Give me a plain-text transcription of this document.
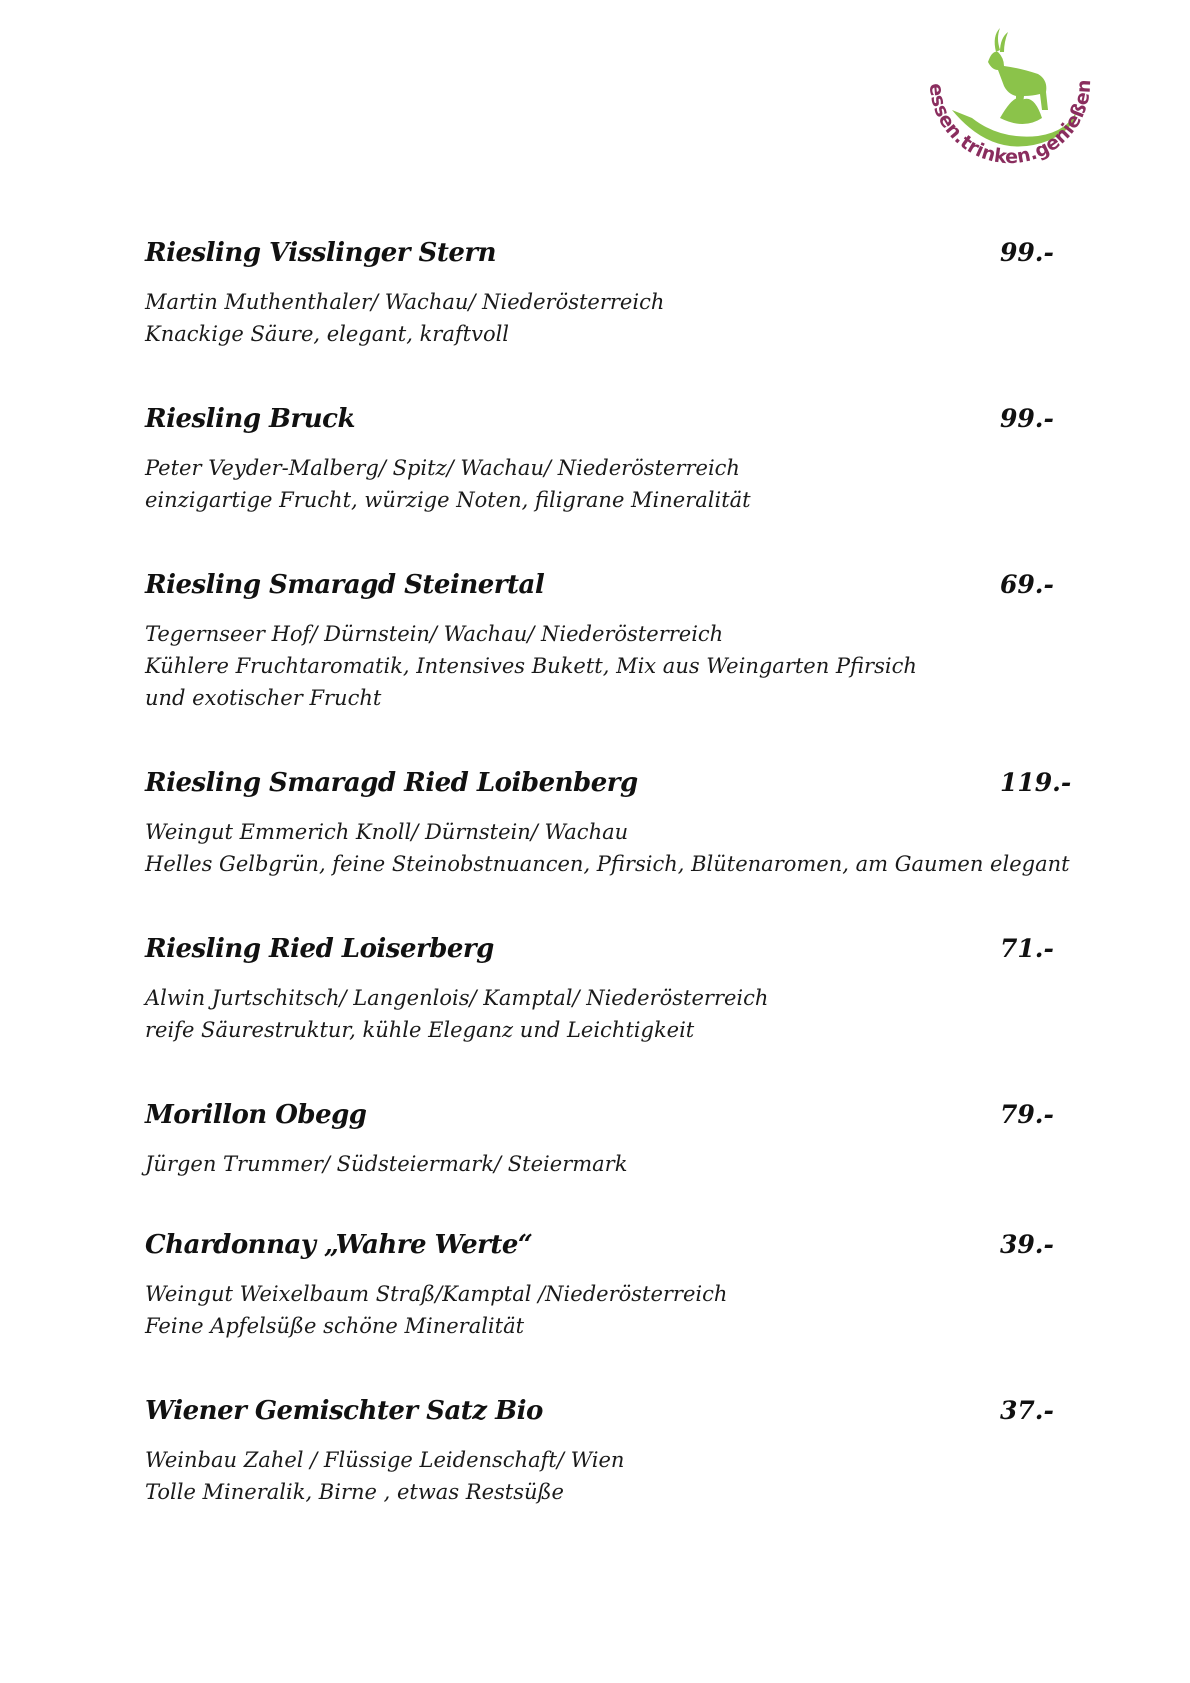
essen.trinken.genießen
Riesling Visslinger Stern	99.-
Martin Muthenthaler/ Wachau/ Niederösterreich
Knackige Säure, elegant, kraftvoll
Riesling Bruck	99.-
Peter Veyder-Malberg/ Spitz/ Wachau/ Niederösterreich
einzigartige Frucht, würzige Noten, filigrane Mineralität
Riesling Smaragd Steinertal	69.-
Tegernseer Hof/ Dürnstein/ Wachau/ Niederösterreich
Kühlere Fruchtaromatik, Intensives Bukett, Mix aus Weingarten Pfirsich
und exotischer Frucht
Riesling Smaragd Ried Loibenberg	119.-
Weingut Emmerich Knoll/ Dürnstein/ Wachau
Helles Gelbgrün, feine Steinobstnuancen, Pfirsich, Blütenaromen, am Gaumen elegant
Riesling Ried Loiserberg	71.-
Alwin Jurtschitsch/ Langenlois/ Kamptal/ Niederösterreich
reife Säurestruktur, kühle Eleganz und Leichtigkeit
Morillon Obegg	79.-
Jürgen Trummer/ Südsteiermark/ Steiermark
Chardonnay „Wahre Werte“	39.-
Weingut Weixelbaum Straß/Kamptal /Niederösterreich
Feine Apfelsüße schöne Mineralität
Wiener Gemischter Satz Bio	37.-
Weinbau Zahel / Flüssige Leidenschaft/ Wien
Tolle Mineralik, Birne , etwas Restsüße
